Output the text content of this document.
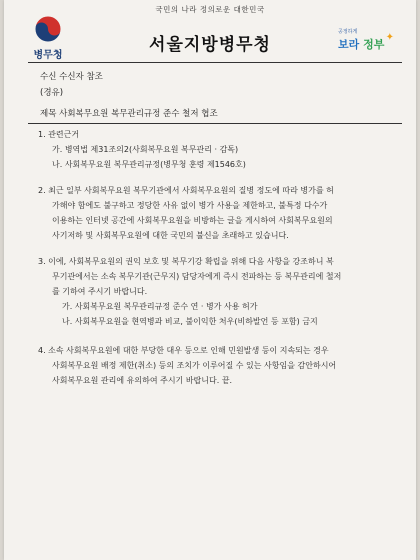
국민의 나라 정의로운 대한민국
병무청
서울지방병무청
공정하게
보라 정부
✦
수신 수신자 참조
(경유)
제목 사회복무요원 복무관리규정 준수 철저 협조
1. 관련근거
가. 병역법 제31조의2(사회복무요원 복무관리 · 감독)
나. 사회복무요원 복무관리규정(병무청 훈령 제1546호)
2. 최근 일부 사회복무요원 복무기관에서 사회복무요원의 질병 정도에 따라 병가를 허
가해야 함에도 불구하고 정당한 사유 없이 병가 사용을 제한하고, 불특정 다수가
이용하는 인터넷 공간에 사회복무요원을 비방하는 글을 게시하여 사회복무요원의
사기저하 및 사회복무요원에 대한 국민의 불신을 초래하고 있습니다.
3. 이에, 사회복무요원의 권익 보호 및 복무기강 확립을 위해 다음 사항을 강조하니 복
무기관에서는 소속 복무기관(근무지) 담당자에게 즉시 전파하는 등 복무관리에 철저
를 기하여 주시기 바랍니다.
가. 사회복무요원 복무관리규정 준수 연 · 병가 사용 허가
나. 사회복무요원을 현역병과 비교, 불이익한 처우(비하발언 등 포함) 금지
4. 소속 사회복무요원에 대한 부당한 대우 등으로 인해 민원발생 등이 지속되는 경우
사회복무요원 배정 제한(취소) 등의 조치가 이루어질 수 있는 사항임을 감안하시어
사회복무요원 관리에 유의하여 주시기 바랍니다. 끝.
